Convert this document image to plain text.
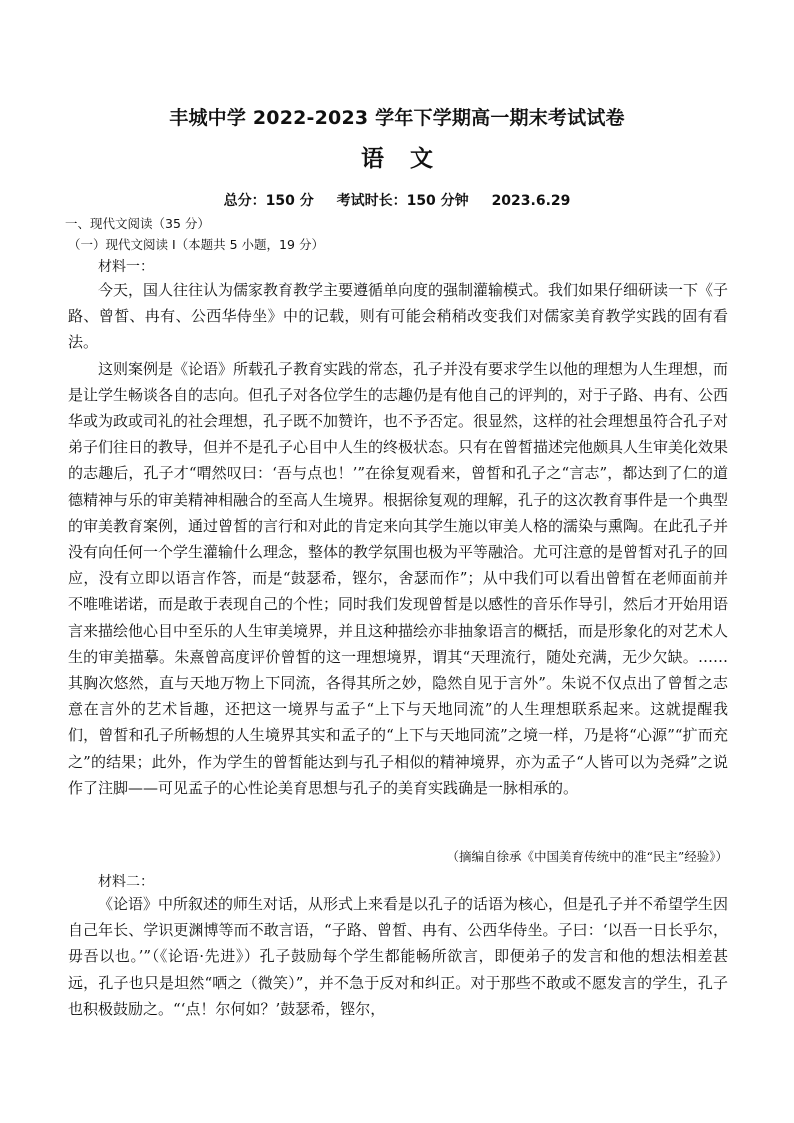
丰城中学 2022-2023 学年下学期高一期末考试试卷
语文
总分：150 分 考试时长：150 分钟 2023.6.29
一、现代文阅读（35 分）
（一）现代文阅读 I（本题共 5 小题，19 分）
材料一：

今天，国人往往认为儒家教育教学主要遵循单向度的强制灌输模式。我们如果仔细研读一下《子路、曾皙、冉有、公西华侍坐》中的记载，则有可能会稍稍改变我们对儒家美育教学实践的固有看法。

这则案例是《论语》所载孔子教育实践的常态，孔子并没有要求学生以他的理想为人生理想，而是让学生畅谈各自的志向。但孔子对各位学生的志趣仍是有他自己的评判的，对于子路、冉有、公西华或为政或司礼的社会理想，孔子既不加赞许，也不予否定。很显然，这样的社会理想虽符合孔子对弟子们往日的教导，但并不是孔子心目中人生的终极状态。只有在曾皙描述完他颇具人生审美化效果的志趣后，孔子才“喟然叹曰：‘吾与点也！’”在徐复观看来，曾皙和孔子之“言志”，都达到了仁的道德精神与乐的审美精神相融合的至高人生境界。根据徐复观的理解，孔子的这次教育事件是一个典型的审美教育案例，通过曾皙的言行和对此的肯定来向其学生施以审美人格的濡染与熏陶。在此孔子并没有向任何一个学生灌输什么理念，整体的教学氛围也极为平等融洽。尤可注意的是曾皙对孔子的回应，没有立即以语言作答，而是“鼓瑟希，铿尔，舍瑟而作”；从中我们可以看出曾皙在老师面前并不唯唯诺诺，而是敢于表现自己的个性；同时我们发现曾皙是以感性的音乐作导引，然后才开始用语言来描绘他心目中至乐的人生审美境界，并且这种描绘亦非抽象语言的概括，而是形象化的对艺术人生的审美描摹。朱熹曾高度评价曾皙的这一理想境界，谓其“天理流行，随处充满，无少欠缺。……其胸次悠然，直与天地万物上下同流，各得其所之妙，隐然自见于言外”。朱说不仅点出了曾皙之志意在言外的艺术旨趣，还把这一境界与孟子“上下与天地同流”的人生理想联系起来。这就提醒我们，曾皙和孔子所畅想的人生境界其实和孟子的“上下与天地同流”之境一样，乃是将“心源”“扩而充之”的结果；此外，作为学生的曾皙能达到与孔子相似的精神境界，亦为孟子“人皆可以为尧舜”之说作了注脚——可见孟子的心性论美育思想与孔子的美育实践确是一脉相承的。

（摘编自徐承《中国美育传统中的准“民主”经验》）
材料二：

《论语》中所叙述的师生对话，从形式上来看是以孔子的话语为核心，但是孔子并不希望学生因自己年长、学识更渊博等而不敢言语，“子路、曾皙、冉有、公西华侍坐。子曰：‘以吾一日长乎尔，毋吾以也。’”（《论语·先进》）孔子鼓励每个学生都能畅所欲言，即便弟子的发言和他的想法相差甚远，孔子也只是坦然“哂之（微笑）”，并不急于反对和纠正。对于那些不敢或不愿发言的学生，孔子也积极鼓励之。“‘点！尔何如？’鼓瑟希，铿尔，
